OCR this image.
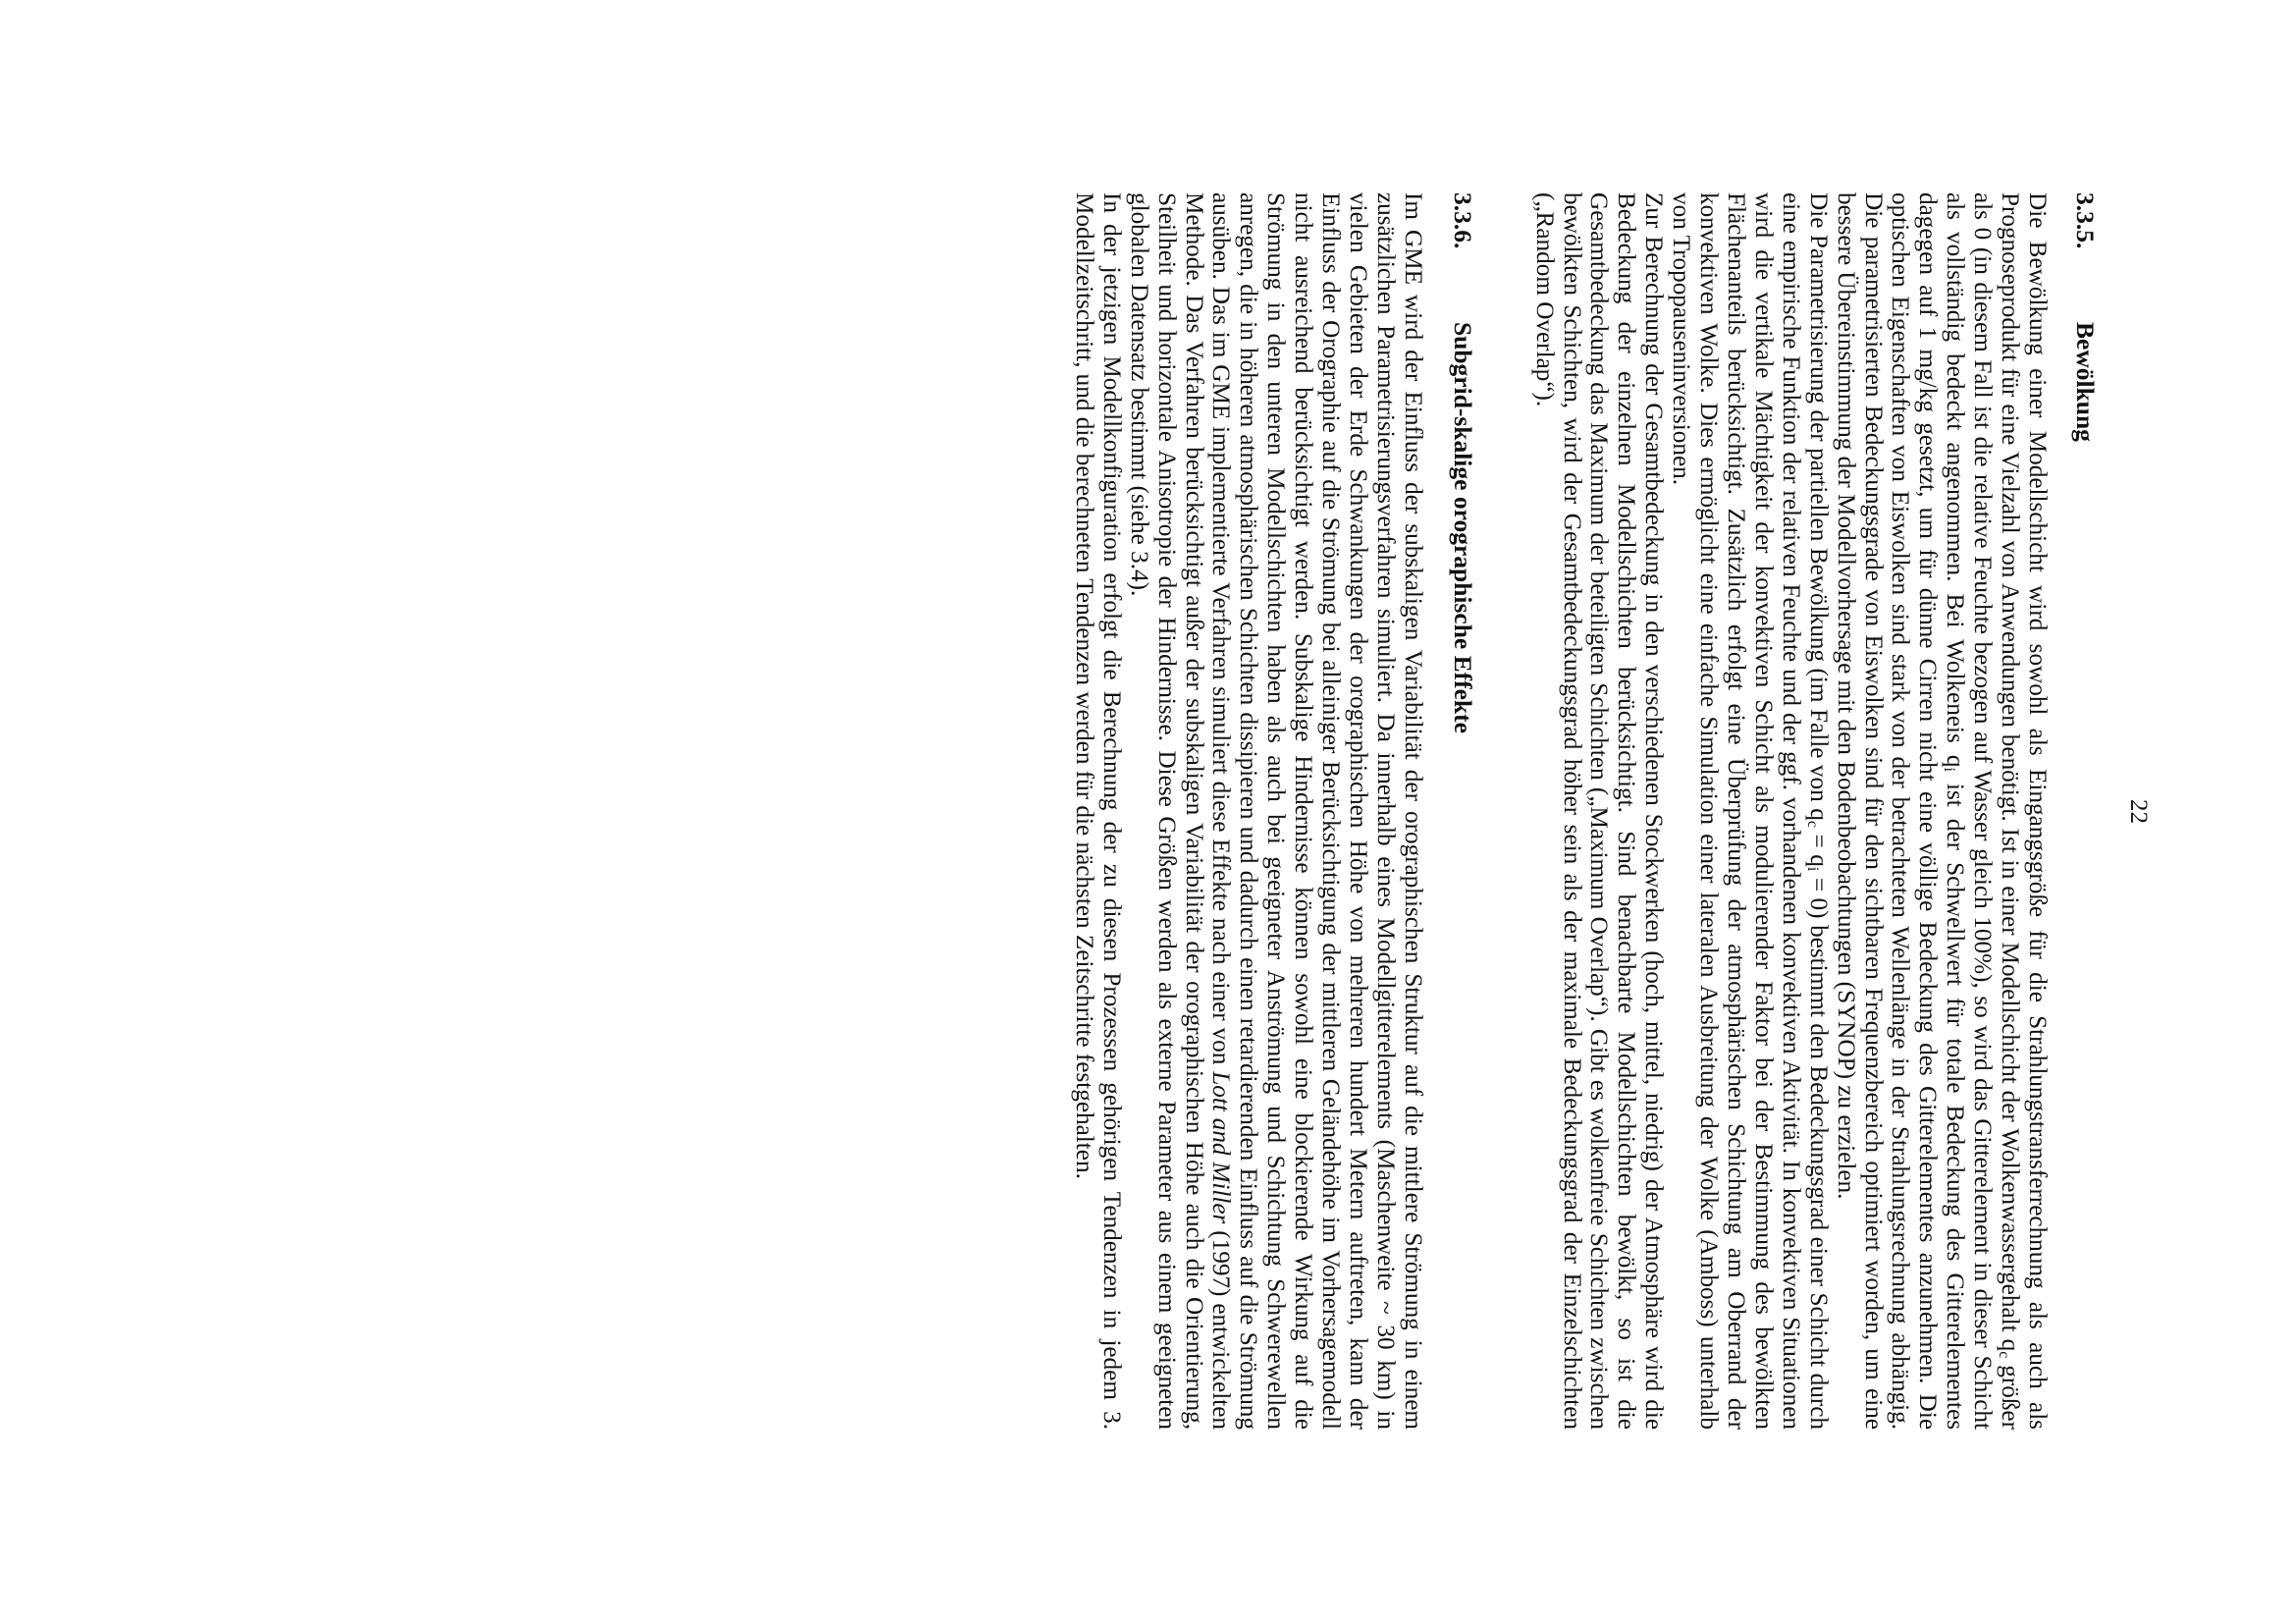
22
3.3.5.Bewölkung

Die Bewölkung einer Modellschicht wird sowohl als Eingangsgröße für die Strahlungstransferrechnung als auch als Prognoseprodukt für eine Vielzahl von Anwendungen benötigt. Ist in einer Modellschicht der Wolkenwassergehalt $q_c$ größer als 0 (in diesem Fall ist die relative Feuchte bezogen auf Wasser gleich 100%), so wird das Gitterelement in dieser Schicht als vollständig bedeckt angenommen. Bei Wolkeneis $q_i$ ist der Schwellwert für totale Bedeckung des Gitterelementes dagegen auf 1 mg/kg gesetzt, um für dünne Cirren nicht eine völlige Bedeckung des Gitterelementes anzunehmen. Die optischen Eigenschaften von Eiswolken sind stark von der betrachteten Wellenlänge in der Strahlungsrechnung abhängig. Die parametrisierten Bedeckungsgrade von Eiswolken sind für den sichtbaren Frequenzbereich optimiert worden, um eine bessere Übereinstimmung der Modellvorhersage mit den Bodenbeobachtungen (SYNOP) zu erzielen.

Die Parametrisierung der partiellen Bewölkung (im Falle von $q_c = q_i = 0$) bestimmt den Bedeckungsgrad einer Schicht durch eine empirische Funktion der relativen Feuchte und der ggf. vorhandenen konvektiven Aktivität. In konvektiven Situationen wird die vertikale Mächtigkeit der konvektiven Schicht als modulierender Faktor bei der Bestimmung des bewölkten Flächenanteils berücksichtigt. Zusätzlich erfolgt eine Überprüfung der atmosphärischen Schichtung am Oberrand der konvektiven Wolke. Dies ermöglicht eine einfache Simulation einer lateralen Ausbreitung der Wolke (Amboss) unterhalb von Tropopauseninversionen.

Zur Berechnung der Gesamtbedeckung in den verschiedenen Stockwerken (hoch, mittel, niedrig) der Atmosphäre wird die Bedeckung der einzelnen Modellschichten berücksichtigt. Sind benachbarte Modellschichten bewölkt, so ist die Gesamtbedeckung das Maximum der beteiligten Schichten („Maximum Overlap“). Gibt es wolkenfreie Schichten zwischen bewölkten Schichten, wird der Gesamtbedeckungsgrad höher sein als der maximale Bedeckungsgrad der Einzelschichten („Random Overlap“).

3.3.6.Subgrid-skalige orographische Effekte

Im GME wird der Einfluss der subskaligen Variabilität der orographischen Struktur auf die mittlere Strömung in einem zusätzlichen Parametrisierungsverfahren simuliert. Da innerhalb eines Modellgitterelements (Maschenweite ~ 30 km) in vielen Gebieten der Erde Schwankungen der orographischen Höhe von mehreren hundert Metern auftreten, kann der Einfluss der Orographie auf die Strömung bei alleiniger Berücksichtigung der mittleren Geländehöhe im Vorhersagemodell nicht ausreichend berücksichtigt werden. Subskalige Hindernisse können sowohl eine blockierende Wirkung auf die Strömung in den unteren Modellschichten haben als auch bei geeigneter Anströmung und Schichtung Schwerewellen anregen, die in höheren atmosphärischen Schichten dissipieren und dadurch einen retardierenden Einfluss auf die Strömung ausüben. Das im GME implementierte Verfahren simuliert diese Effekte nach einer von Lott and Miller (1997) entwickelten Methode. Das Verfahren berücksichtigt außer der subskaligen Variabilität der orographischen Höhe auch die Orientierung, Steilheit und horizontale Anisotropie der Hindernisse. Diese Größen werden als externe Parameter aus einem geeigneten globalen Datensatz bestimmt (siehe 3.4).

In der jetzigen Modellkonfiguration erfolgt die Berechnung der zu diesen Prozessen gehörigen Tendenzen in jedem 3. Modellzeitschritt, und die berechneten Tendenzen werden für die nächsten Zeitschritte festgehalten.
